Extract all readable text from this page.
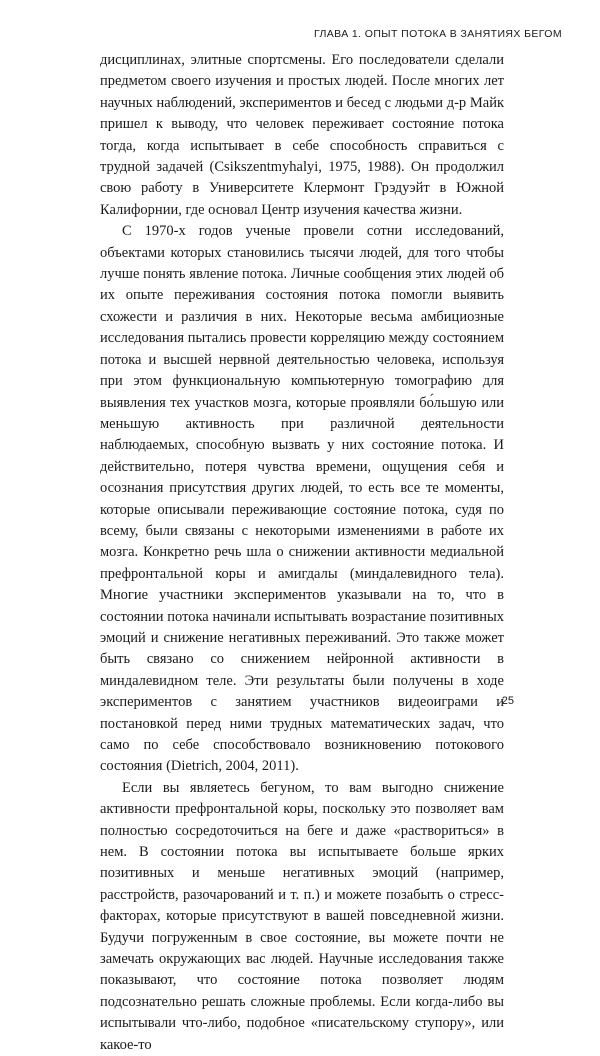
ГЛАВА 1. ОПЫТ ПОТОКА В ЗАНЯТИЯХ БЕГОМ

дисциплинах, элитные спортсмены. Его последователи сделали предметом своего изучения и простых людей. После многих лет научных наблюдений, экспериментов и бесед с людьми д-р Майк пришел к выводу, что человек переживает состояние потока тогда, когда испытывает в себе способность справиться с трудной задачей (Csikszentmyhalyi, 1975, 1988). Он продолжил свою работу в Университете Клермонт Грэдуэйт в Южной Калифорнии, где основал Центр изучения качества жизни.

С 1970-х годов ученые провели сотни исследований, объектами которых становились тысячи людей, для того чтобы лучше понять явление потока. Личные сообщения этих людей об их опыте переживания состояния потока помогли выявить схожести и различия в них. Некоторые весьма амбициозные исследования пытались провести корреляцию между состоянием потока и высшей нервной деятельностью человека, используя при этом функциональную компьютерную томографию для выявления тех участков мозга, которые проявляли бо́льшую или меньшую активность при различной деятельности наблюдаемых, способную вызвать у них состояние потока. И действительно, потеря чувства времени, ощущения себя и осознания присутствия других людей, то есть все те моменты, которые описывали переживающие состояние потока, судя по всему, были связаны с некоторыми изменениями в работе их мозга. Конкретно речь шла о снижении активности медиальной префронтальной коры и амигдалы (миндалевидного тела). Многие участники экспериментов указывали на то, что в состоянии потока начинали испытывать возрастание позитивных эмоций и снижение негативных переживаний. Это также может быть связано со снижением нейронной активности в миндалевидном теле. Эти результаты были получены в ходе экспериментов с занятием участников видеоиграми и постановкой перед ними трудных математических задач, что само по себе способствовало возникновению потокового состояния (Dietrich, 2004, 2011).

Если вы являетесь бегуном, то вам выгодно снижение активности префронтальной коры, поскольку это позволяет вам полностью сосредоточиться на беге и даже «раствориться» в нем. В состоянии потока вы испытываете больше ярких позитивных и меньше негативных эмоций (например, расстройств, разочарований и т. п.) и можете позабыть о стресс-факторах, которые присутствуют в вашей повседневной жизни. Будучи погруженным в свое состояние, вы можете почти не замечать окружающих вас людей. Научные исследования также показывают, что состояние потока позволяет людям подсознательно решать сложные проблемы. Если когда-либо вы испытывали что-либо, подобное «писательскому ступору», или какое-то

25
